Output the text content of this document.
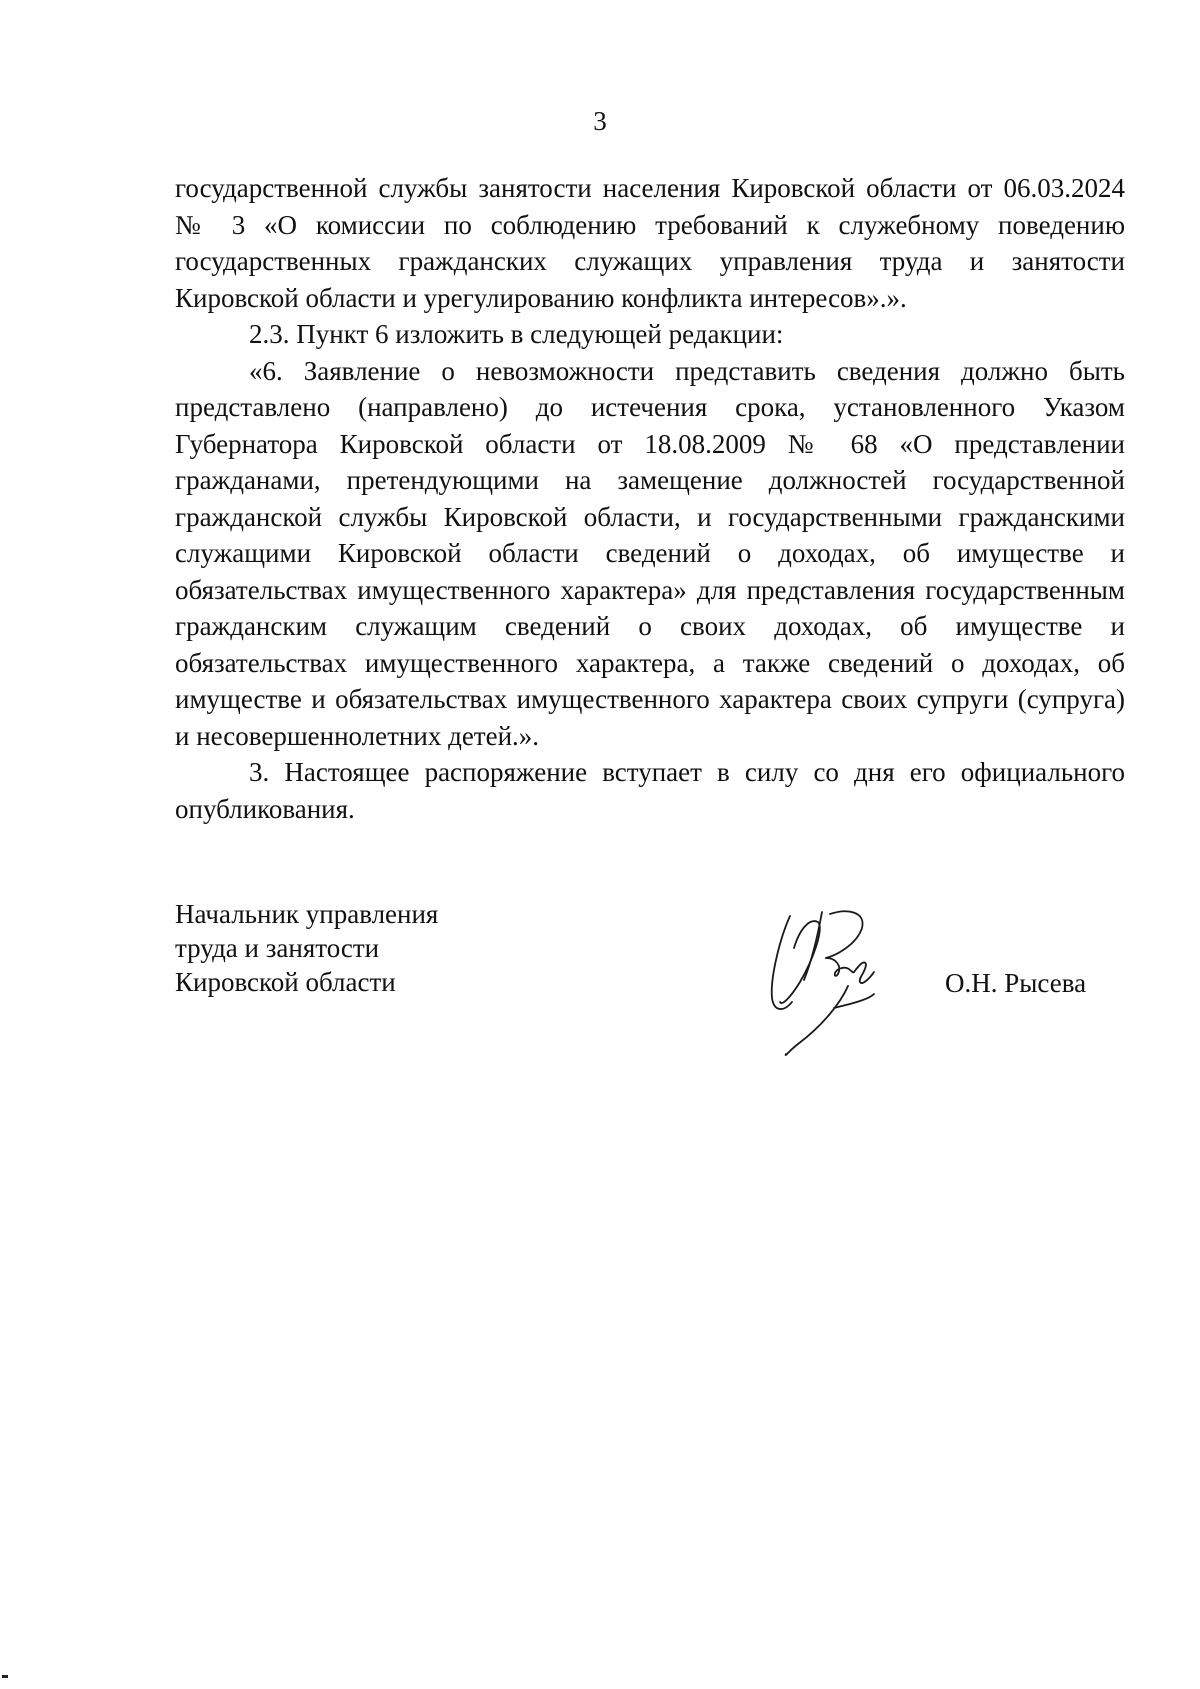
3

государственной службы занятости населения Кировской области от 06.03.2024 № 3 «О комиссии по соблюдению требований к служебному поведению государственных гражданских служащих управления труда и занятости Кировской области и урегулированию конфликта интересов».».

2.3. Пункт 6 изложить в следующей редакции:

«6. Заявление о невозможности представить сведения должно быть представлено (направлено) до истечения срока, установленного Указом Губернатора Кировской области от 18.08.2009 № 68 «О представлении гражданами, претендующими на замещение должностей государственной гражданской службы Кировской области, и государственными гражданскими служащими Кировской области сведений о доходах, об имуществе и обязательствах имущественного характера» для представления государственным гражданским служащим сведений о своих доходах, об имуществе и обязательствах имущественного характера, а также сведений о доходах, об имуществе и обязательствах имущественного характера своих супруги (супруга) и несовершеннолетних детей.».

3. Настоящее распоряжение вступает в силу со дня его официального опубликования.

Начальник управления
труда и занятости
Кировской области	О.Н. Рысева
